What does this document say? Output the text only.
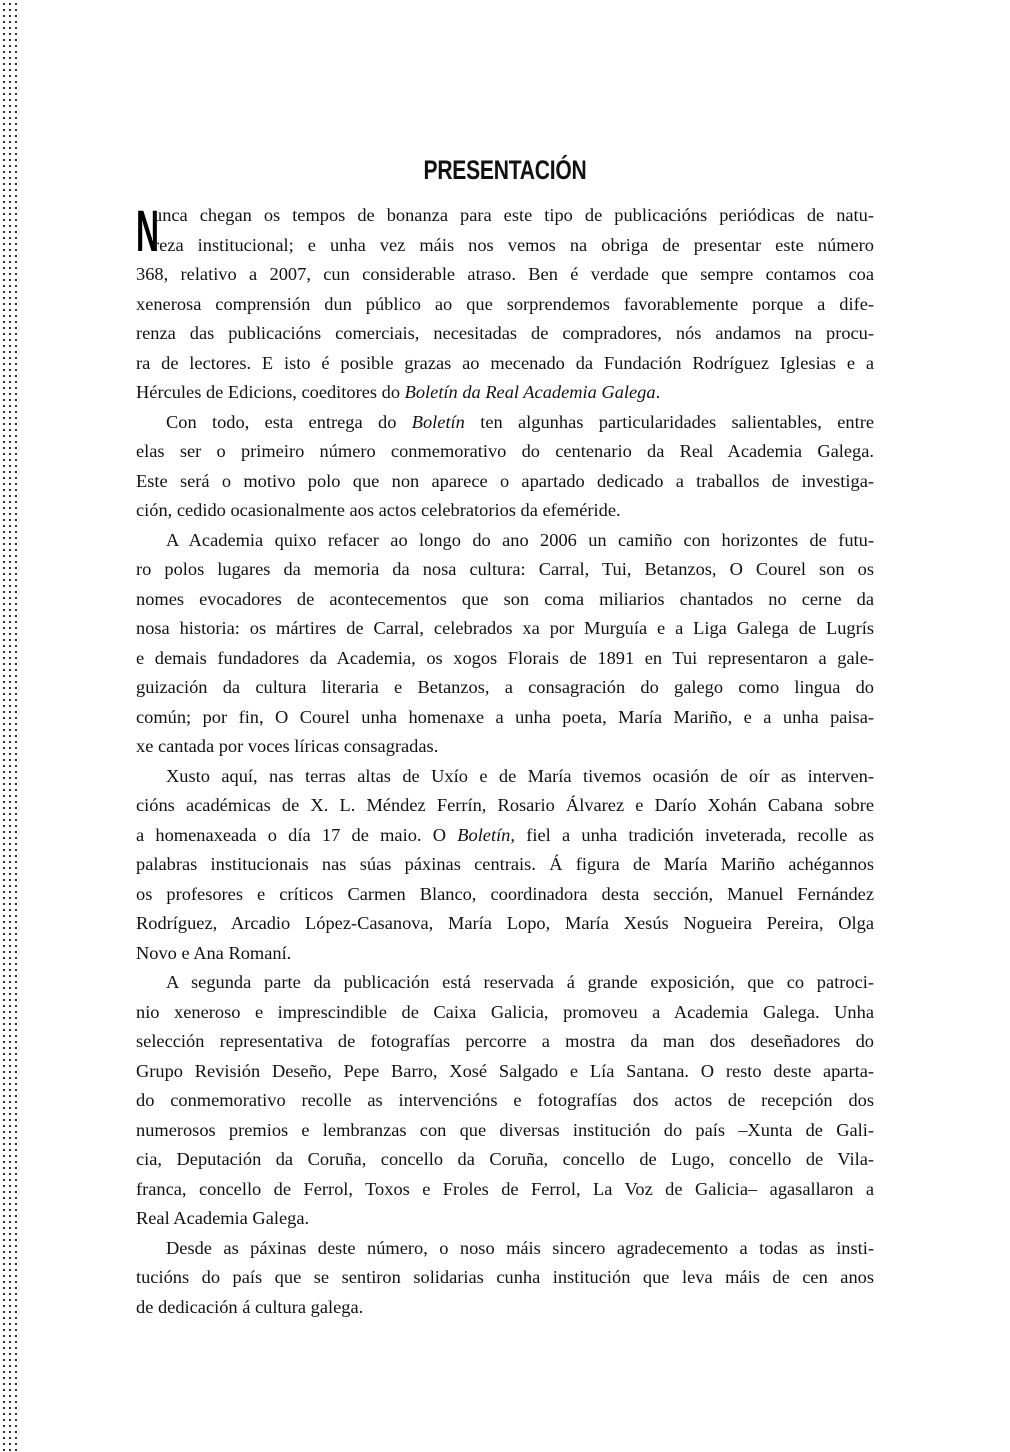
PRESENTACIÓN
N
unca chegan os tempos de bonanza para este tipo de publicacións periódicas de natu-
reza institucional; e unha vez máis nos vemos na obriga de presentar este número
368, relativo a 2007, cun considerable atraso. Ben é verdade que sempre contamos coa
xenerosa comprensión dun público ao que sorprendemos favorablemente porque a dife-
renza das publicacións comerciais, necesitadas de compradores, nós andamos na procu-
ra de lectores. E isto é posible grazas ao mecenado da Fundación Rodríguez Iglesias e a
Hércules de Edicions, coeditores do Boletín da Real Academia Galega.
Con todo, esta entrega do Boletín ten algunhas particularidades salientables, entre
elas ser o primeiro número conmemorativo do centenario da Real Academia Galega.
Este será o motivo polo que non aparece o apartado dedicado a traballos de investiga-
ción, cedido ocasionalmente aos actos celebratorios da efeméride.
A Academia quixo refacer ao longo do ano 2006 un camiño con horizontes de futu-
ro polos lugares da memoria da nosa cultura: Carral, Tui, Betanzos, O Courel son os
nomes evocadores de acontecementos que son coma miliarios chantados no cerne da
nosa historia: os mártires de Carral, celebrados xa por Murguía e a Liga Galega de Lugrís
e demais fundadores da Academia, os xogos Florais de 1891 en Tui representaron a gale-
guización da cultura literaria e Betanzos, a consagración do galego como lingua do
común; por fin, O Courel unha homenaxe a unha poeta, María Mariño, e a unha paisa-
xe cantada por voces líricas consagradas.
Xusto aquí, nas terras altas de Uxío e de María tivemos ocasión de oír as interven-
cións académicas de X. L. Méndez Ferrín, Rosario Álvarez e Darío Xohán Cabana sobre
a homenaxeada o día 17 de maio. O Boletín, fiel a unha tradición inveterada, recolle as
palabras institucionais nas súas páxinas centrais. Á figura de María Mariño achégannos
os profesores e críticos Carmen Blanco, coordinadora desta sección, Manuel Fernández
Rodríguez, Arcadio López-Casanova, María Lopo, María Xesús Nogueira Pereira, Olga
Novo e Ana Romaní.
A segunda parte da publicación está reservada á grande exposición, que co patroci-
nio xeneroso e imprescindible de Caixa Galicia, promoveu a Academia Galega. Unha
selección representativa de fotografías percorre a mostra da man dos deseñadores do
Grupo Revisión Deseño, Pepe Barro, Xosé Salgado e Lía Santana. O resto deste aparta-
do conmemorativo recolle as intervencións e fotografías dos actos de recepción dos
numerosos premios e lembranzas con que diversas institución do país –Xunta de Gali-
cia, Deputación da Coruña, concello da Coruña, concello de Lugo, concello de Vila-
franca, concello de Ferrol, Toxos e Froles de Ferrol, La Voz de Galicia– agasallaron a
Real Academia Galega.
Desde as páxinas deste número, o noso máis sincero agradecemento a todas as insti-
tucións do país que se sentiron solidarias cunha institución que leva máis de cen anos
de dedicación á cultura galega.
